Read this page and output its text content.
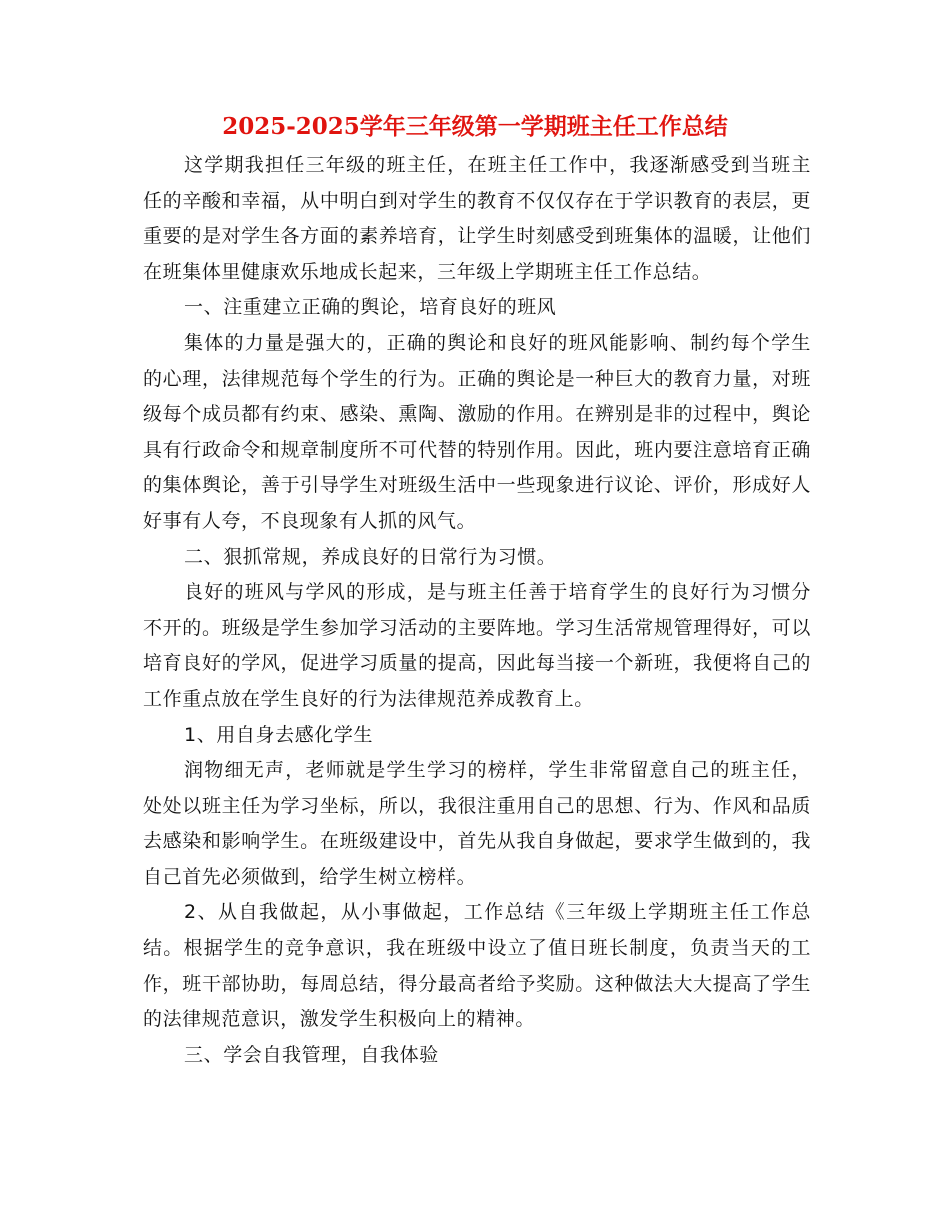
2025-2025学年三年级第一学期班主任工作总结

这学期我担任三年级的班主任，在班主任工作中，我逐渐感受到当班主任的辛酸和幸福，从中明白到对学生的教育不仅仅存在于学识教育的表层，更重要的是对学生各方面的素养培育，让学生时刻感受到班集体的温暖，让他们在班集体里健康欢乐地成长起来，三年级上学期班主任工作总结。

一、注重建立正确的舆论，培育良好的班风

集体的力量是强大的，正确的舆论和良好的班风能影响、制约每个学生的心理，法律规范每个学生的行为。正确的舆论是一种巨大的教育力量，对班级每个成员都有约束、感染、熏陶、激励的作用。在辨别是非的过程中，舆论具有行政命令和规章制度所不可代替的特别作用。因此，班内要注意培育正确的集体舆论，善于引导学生对班级生活中一些现象进行议论、评价，形成好人好事有人夸，不良现象有人抓的风气。

二、狠抓常规，养成良好的日常行为习惯。

良好的班风与学风的形成，是与班主任善于培育学生的良好行为习惯分不开的。班级是学生参加学习活动的主要阵地。学习生活常规管理得好，可以培育良好的学风，促进学习质量的提高，因此每当接一个新班，我便将自己的工作重点放在学生良好的行为法律规范养成教育上。

1、用自身去感化学生

润物细无声，老师就是学生学习的榜样，学生非常留意自己的班主任，处处以班主任为学习坐标，所以，我很注重用自己的思想、行为、作风和品质去感染和影响学生。在班级建设中，首先从我自身做起，要求学生做到的，我自己首先必须做到，给学生树立榜样。

2、从自我做起，从小事做起，工作总结《三年级上学期班主任工作总结。根据学生的竞争意识，我在班级中设立了值日班长制度，负责当天的工作，班干部协助，每周总结，得分最高者给予奖励。这种做法大大提高了学生的法律规范意识，激发学生积极向上的精神。

三、学会自我管理，自我体验
